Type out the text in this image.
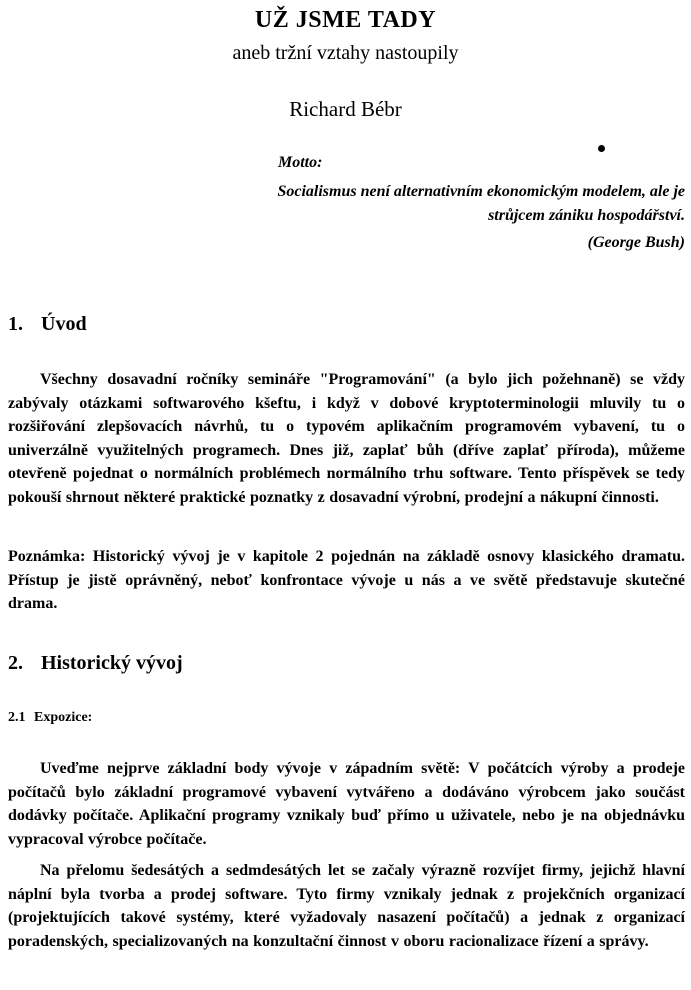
UŽ JSME TADY
aneb tržní vztahy nastoupily
Richard Bébr
Motto:
Socialismus není alternativním ekonomickým modelem, ale je strůjcem zániku hospodářství.
(George Bush)
1. Úvod
Všechny dosavadní ročníky semináře "Programování" (a bylo jich požehnaně) se vždy zabývaly otázkami softwarového kšeftu, i když v dobové kryptoterminologii mluvily tu o rozšiřování zlepšovacích návrhů, tu o typovém aplikačním programovém vybavení, tu o univerzálně využitelných programech. Dnes již, zaplať bůh (dříve zaplať příroda), můžeme otevřeně pojednat o normálních problémech normálního trhu software. Tento příspěvek se tedy pokouší shrnout některé praktické poznatky z dosavadní výrobní, prodejní a nákupní činnosti.
Poznámka: Historický vývoj je v kapitole 2 pojednán na základě osnovy klasického dramatu. Přístup je jistě oprávněný, neboť konfrontace vývoje u nás a ve světě představuje skutečné drama.
2. Historický vývoj
2.1 Expozice:
Uveďme nejprve základní body vývoje v západním světě: V počátcích výroby a prodeje počítačů bylo základní programové vybavení vytvářeno a dodáváno výrobcem jako součást dodávky počítače. Aplikační programy vznikaly buď přímo u uživatele, nebo je na objednávku vypracoval výrobce počítače.
Na přelomu šedesátých a sedmdesátých let se začaly výrazně rozvíjet firmy, jejichž hlavní náplní byla tvorba a prodej software. Tyto firmy vznikaly jednak z projekčních organizací (projektujících takové systémy, které vyžadovaly nasazení počítačů) a jednak z organizací poradenských, specializovaných na konzultační činnost v oboru racionalizace řízení a správy.
